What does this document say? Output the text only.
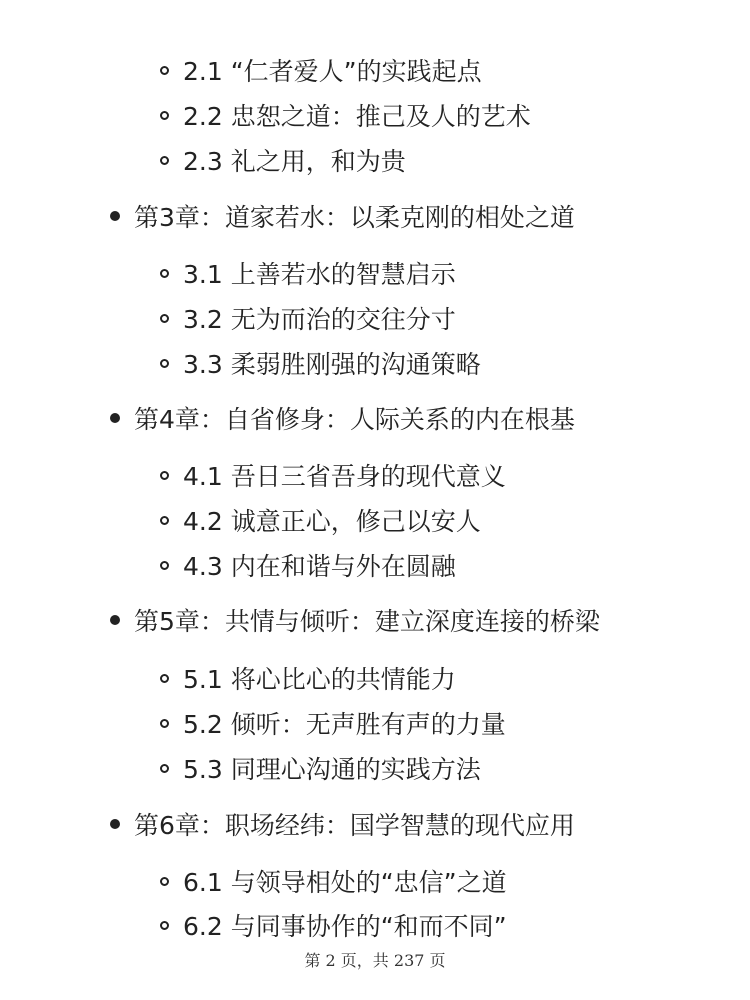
2.1 “仁者爱人”的实践起点
2.2 忠恕之道：推己及人的艺术
2.3 礼之用，和为贵
第3章：道家若水：以柔克刚的相处之道
3.1 上善若水的智慧启示
3.2 无为而治的交往分寸
3.3 柔弱胜刚强的沟通策略
第4章：自省修身：人际关系的内在根基
4.1 吾日三省吾身的现代意义
4.2 诚意正心，修己以安人
4.3 内在和谐与外在圆融
第5章：共情与倾听：建立深度连接的桥梁
5.1 将心比心的共情能力
5.2 倾听：无声胜有声的力量
5.3 同理心沟通的实践方法
第6章：职场经纬：国学智慧的现代应用
6.1 与领导相处的“忠信”之道
6.2 与同事协作的“和而不同”
第 2 页，共 237 页
